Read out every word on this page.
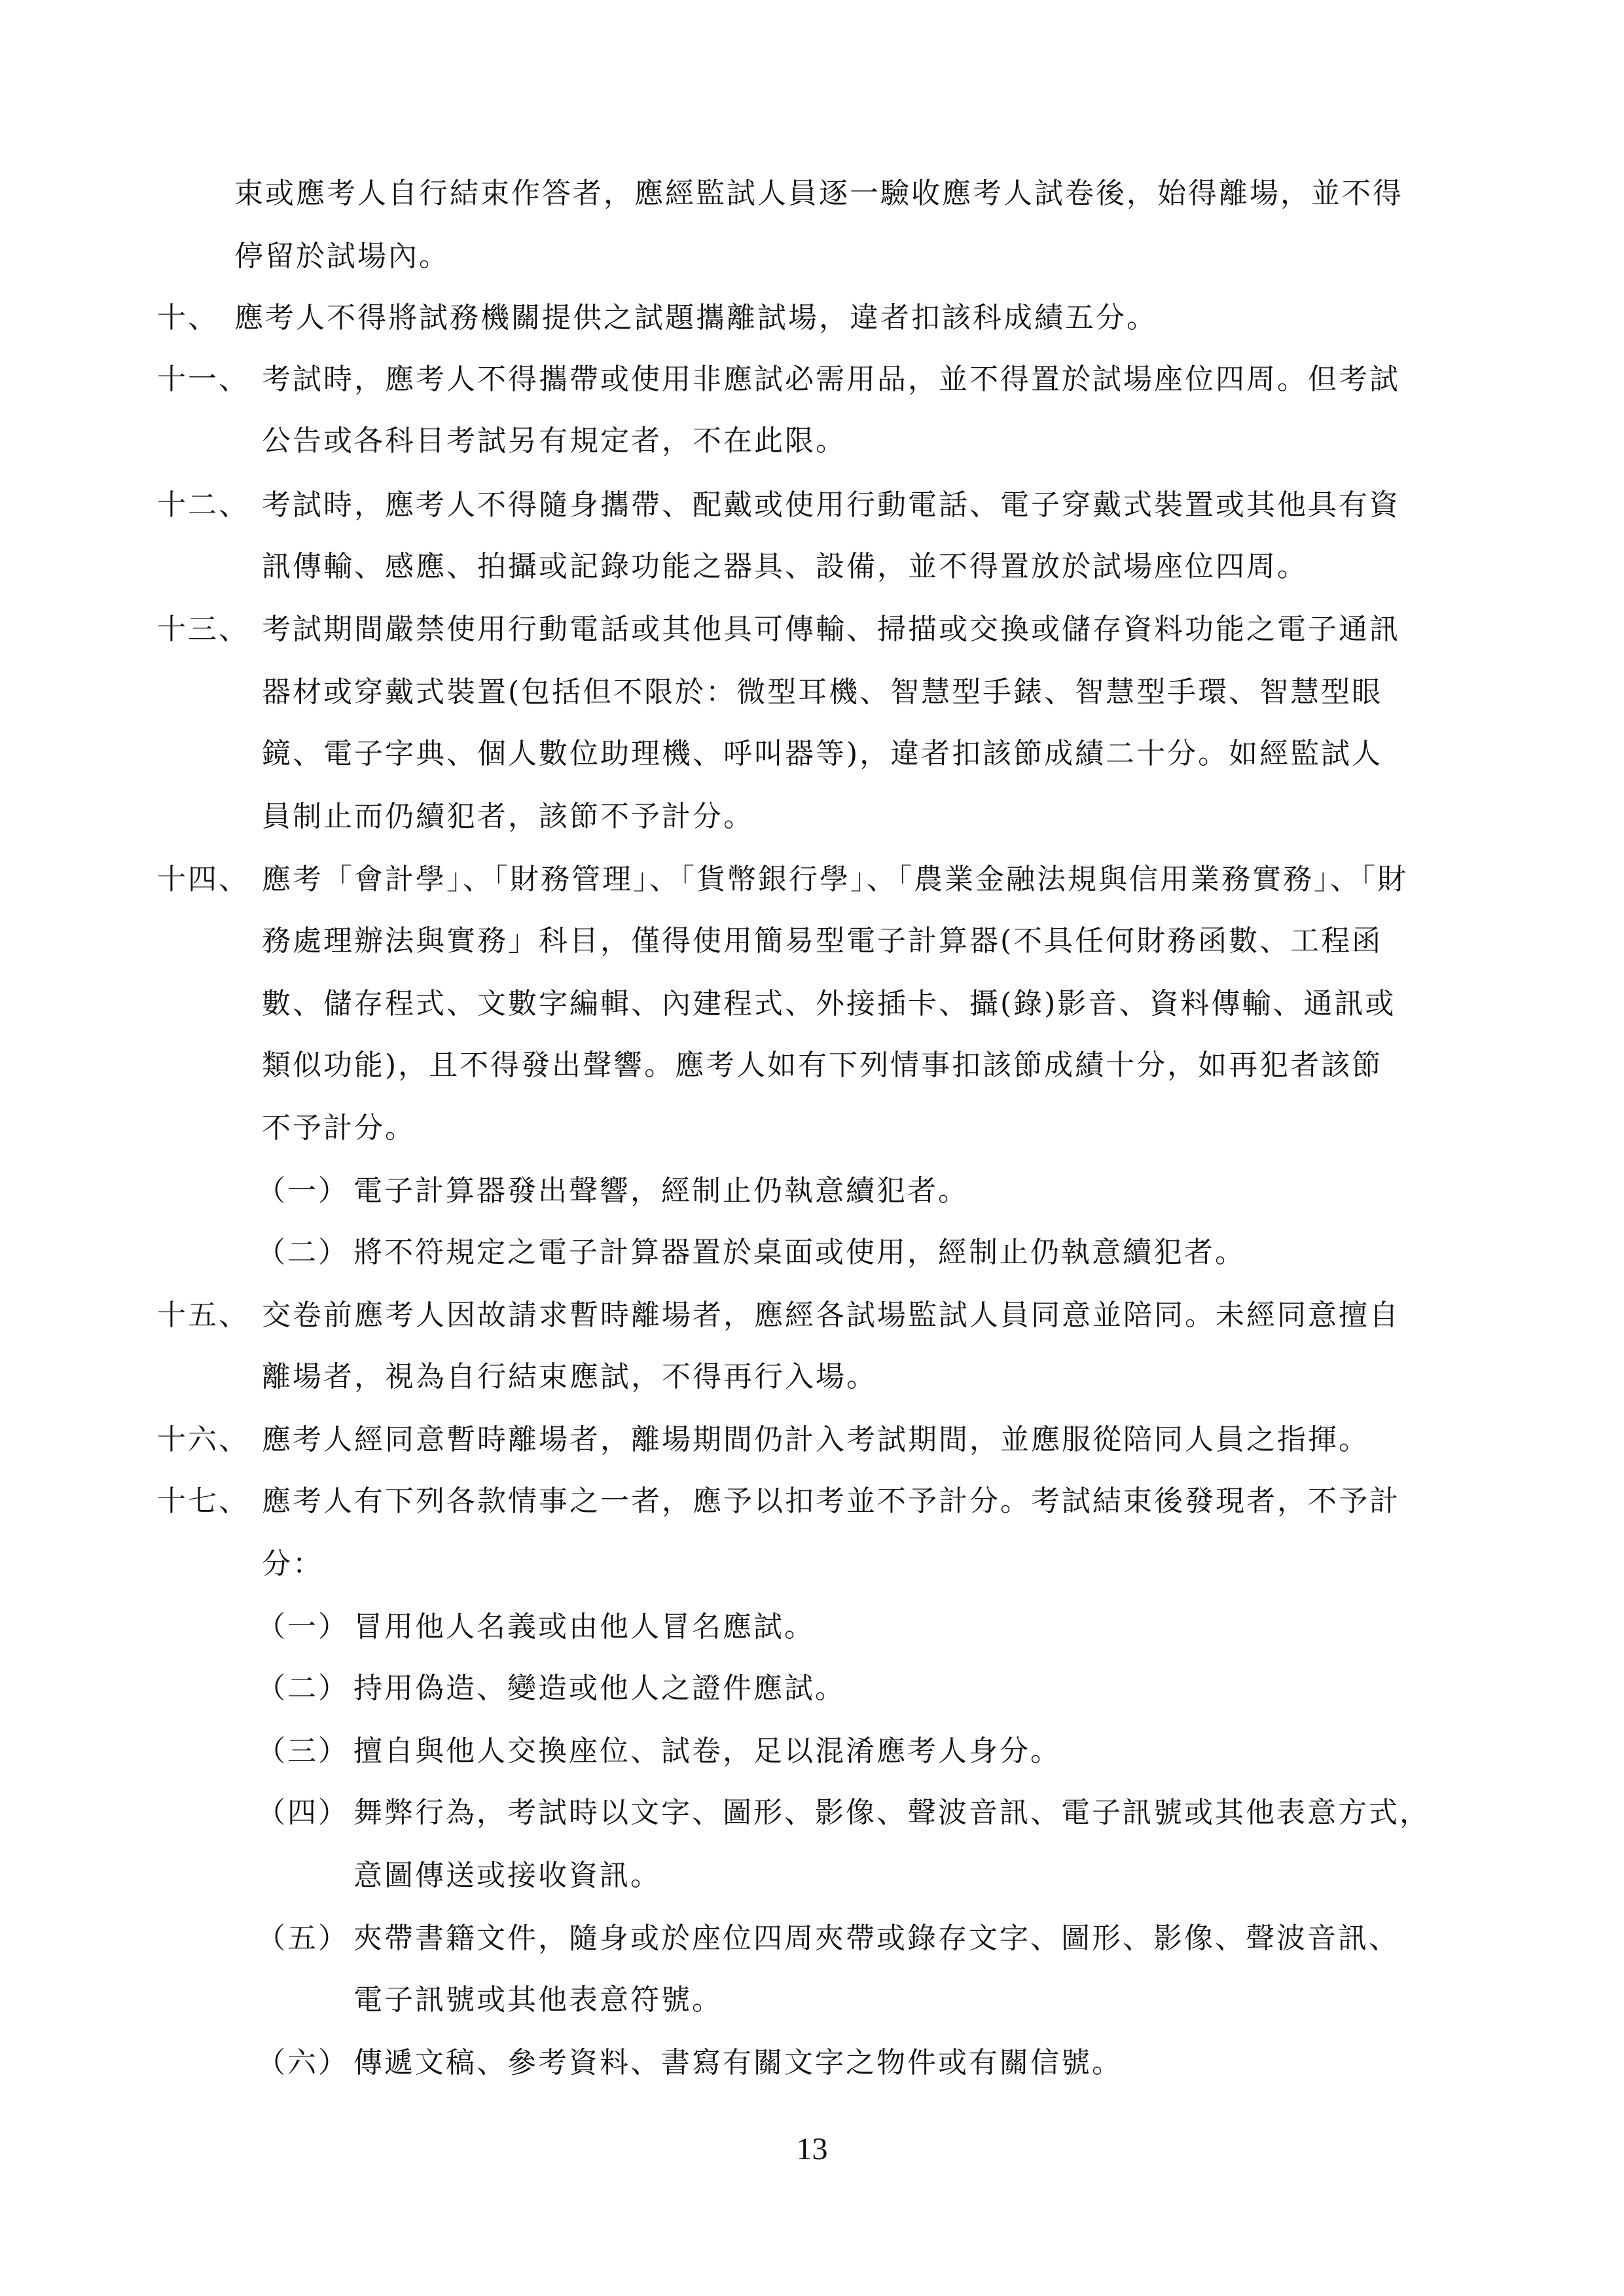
束或應考人自行結束作答者，應經監試人員逐一驗收應考人試卷後，始得離場，並不得
停留於試場內。
十、 應考人不得將試務機關提供之試題攜離試場，違者扣該科成績五分。
十一、 考試時，應考人不得攜帶或使用非應試必需用品，並不得置於試場座位四周。但考試
公告或各科目考試另有規定者，不在此限。
十二、 考試時，應考人不得隨身攜帶、配戴或使用行動電話、電子穿戴式裝置或其他具有資
訊傳輸、感應、拍攝或記錄功能之器具、設備，並不得置放於試場座位四周。
十三、 考試期間嚴禁使用行動電話或其他具可傳輸、掃描或交換或儲存資料功能之電子通訊
器材或穿戴式裝置(包括但不限於：微型耳機、智慧型手錶、智慧型手環、智慧型眼
鏡、電子字典、個人數位助理機、呼叫器等)，違者扣該節成績二十分。如經監試人
員制止而仍續犯者，該節不予計分。
十四、 應考「會計學」、「財務管理」、「貨幣銀行學」、「農業金融法規與信用業務實務」、「財
務處理辦法與實務」科目，僅得使用簡易型電子計算器(不具任何財務函數、工程函
數、儲存程式、文數字編輯、內建程式、外接插卡、攝(錄)影音、資料傳輸、通訊或
類似功能)，且不得發出聲響。應考人如有下列情事扣該節成績十分，如再犯者該節
不予計分。
（一） 電子計算器發出聲響，經制止仍執意續犯者。
（二） 將不符規定之電子計算器置於桌面或使用，經制止仍執意續犯者。
十五、 交卷前應考人因故請求暫時離場者，應經各試場監試人員同意並陪同。未經同意擅自
離場者，視為自行結束應試，不得再行入場。
十六、 應考人經同意暫時離場者，離場期間仍計入考試期間，並應服從陪同人員之指揮。
十七、 應考人有下列各款情事之一者，應予以扣考並不予計分。考試結束後發現者，不予計
分：
（一） 冒用他人名義或由他人冒名應試。
（二） 持用偽造、變造或他人之證件應試。
（三） 擅自與他人交換座位、試卷，足以混淆應考人身分。
（四） 舞弊行為，考試時以文字、圖形、影像、聲波音訊、電子訊號或其他表意方式，
意圖傳送或接收資訊。
（五） 夾帶書籍文件，隨身或於座位四周夾帶或錄存文字、圖形、影像、聲波音訊、
電子訊號或其他表意符號。
（六） 傳遞文稿、參考資料、書寫有關文字之物件或有關信號。
13
